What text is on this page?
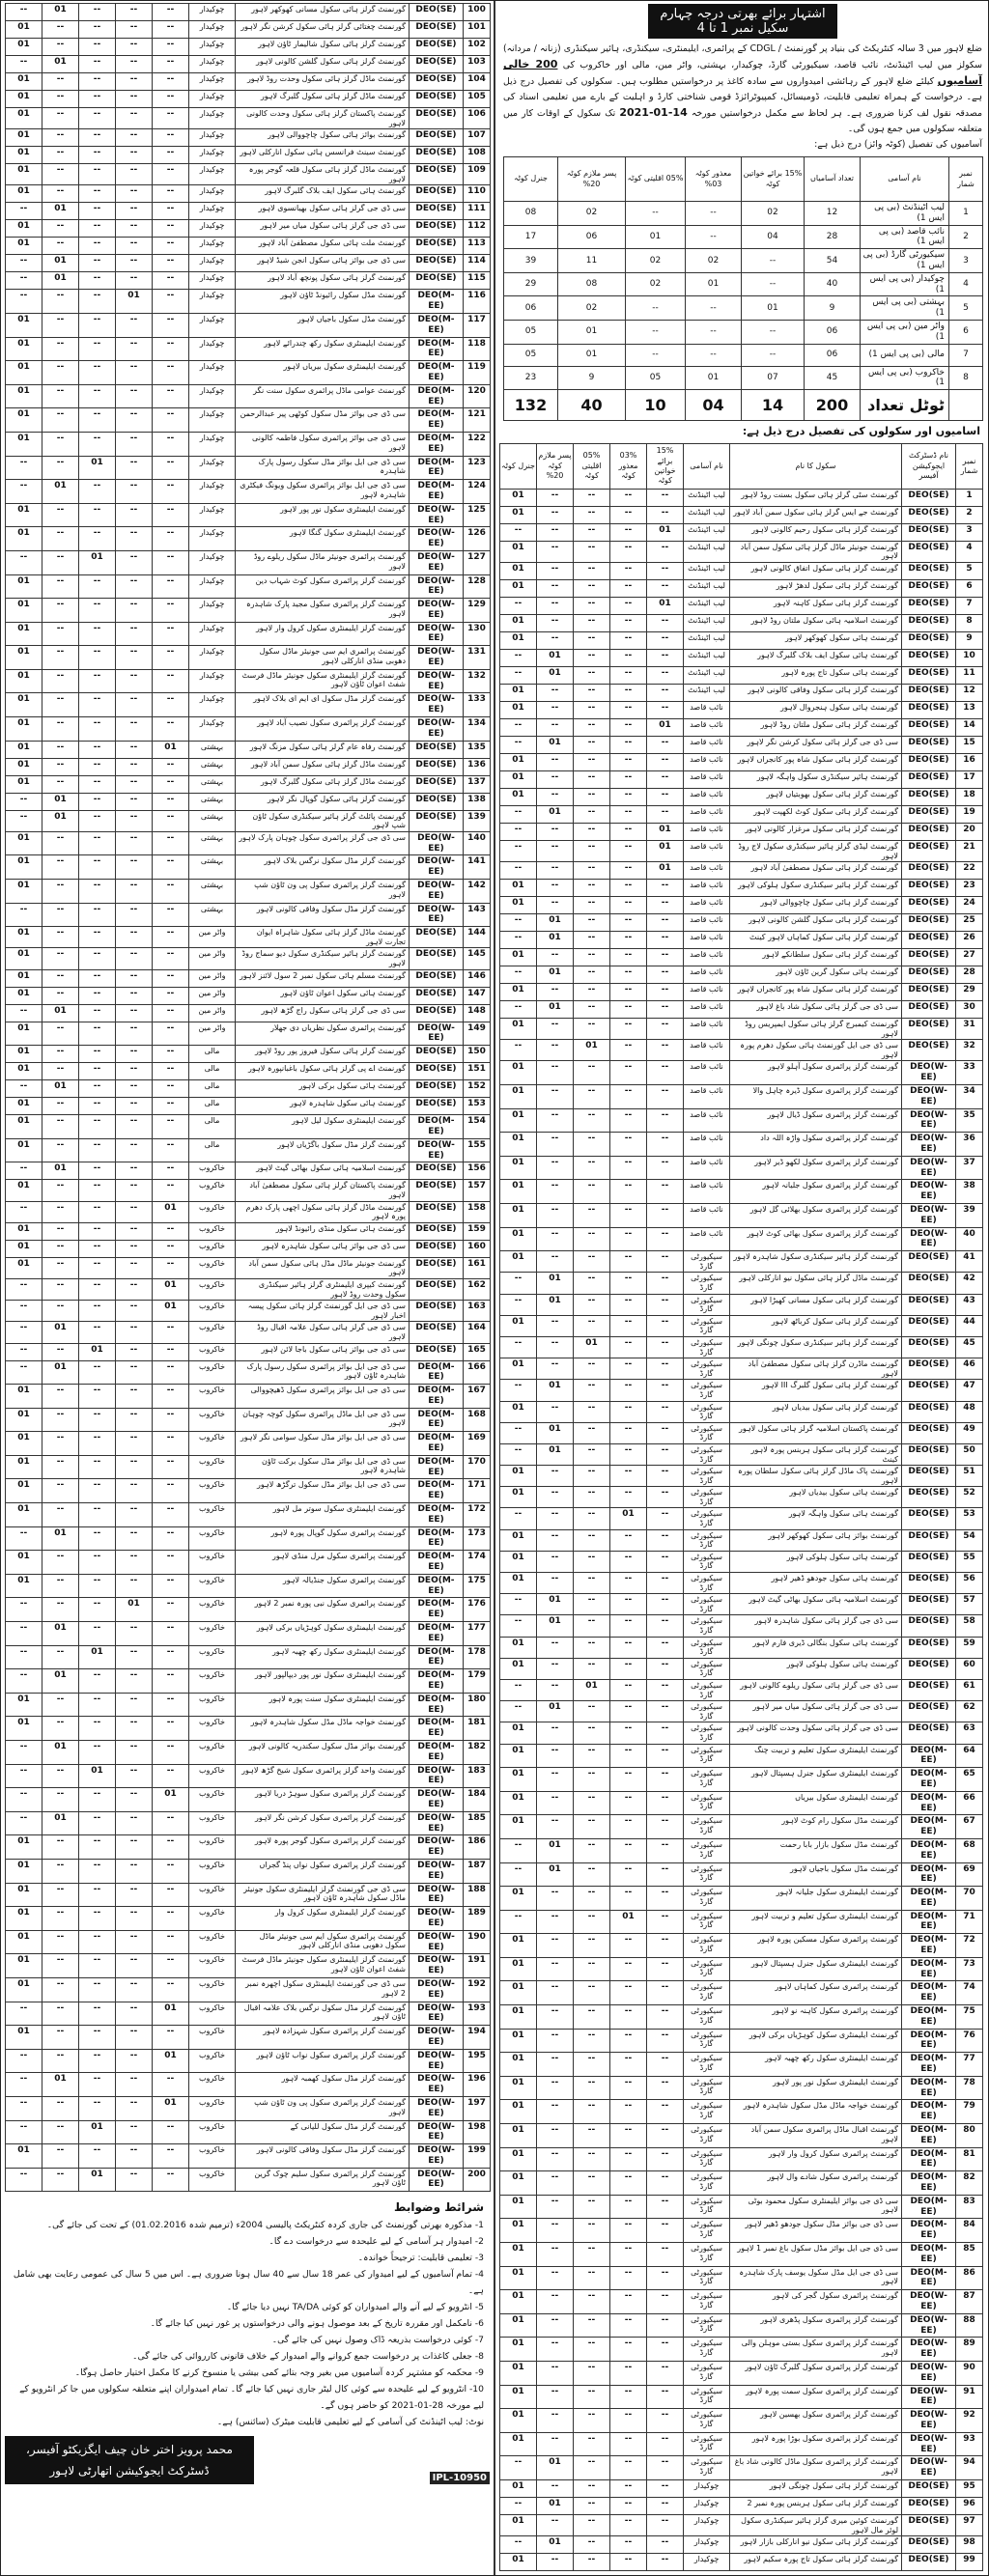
--	01	--	--	--	چوکیدار	گورنمنٹ گرلز ہائی سکول مسانی کھوکھر لاہور	DEO(SE)	100
01	--	--	--	--	چوکیدار	گورنمنٹ چغتائی گرلز ہائی سکول کرشن نگر لاہور	DEO(SE)	101
01	--	--	--	--	چوکیدار	گورنمنٹ گرلز ہائی سکول شالیمار ٹاؤن لاہور	DEO(SE)	102
--	01	--	--	--	چوکیدار	گورنمنٹ گرلز ہائی سکول گلشن کالونی لاہور	DEO(SE)	103
01	--	--	--	--	چوکیدار	گورنمنٹ ماڈل گرلز ہائی سکول وحدت روڈ لاہور	DEO(SE)	104
01	--	--	--	--	چوکیدار	گورنمنٹ ماڈل گرلز ہائی سکول گلبرگ لاہور	DEO(SE)	105
01	--	--	--	--	چوکیدار	گورنمنٹ پاکستان گرلز ہائی سکول وحدت کالونی لاہور	DEO(SE)	106
01	--	--	--	--	چوکیدار	گورنمنٹ بوائز ہائی سکول چاچووالی لاہور	DEO(SE)	107
01	--	--	--	--	چوکیدار	گورنمنٹ سینٹ فرانسس ہائی سکول انارکلی لاہور	DEO(SE)	108
01	--	--	--	--	چوکیدار	گورنمنٹ ماڈل گرلز ہائی سکول قلعہ گوجر پورہ لاہور	DEO(SE)	109
01	--	--	--	--	چوکیدار	گورنمنٹ ہائی سکول ایف بلاک گلبرگ لاہور	DEO(SE)	110
--	01	--	--	--	چوکیدار	سی ڈی جی گرلز ہائی سکول بھیانسوی لاہور	DEO(SE)	111
01	--	--	--	--	چوکیدار	سی ڈی جی گرلز ہائی سکول میاں میر لاہور	DEO(SE)	112
01	--	--	--	--	چوکیدار	گورنمنٹ ملت ہائی سکول مصطفیٰ آباد لاہور	DEO(SE)	113
--	01	--	--	--	چوکیدار	سی ڈی جی بوائز ہائی سکول انجن شیڈ لاہور	DEO(SE)	114
--	01	--	--	--	چوکیدار	گورنمنٹ گرلز ہائی سکول پونچھ آباد لاہور	DEO(SE)	115
--	--	--	01	--	چوکیدار	گورنمنٹ مڈل سکول رائیونڈ ٹاؤن لاہور	DEO(M-EE)	116
01	--	--	--	--	چوکیدار	گورنمنٹ مڈل سکول باجیاں لاہور	DEO(M-EE)	117
01	--	--	--	--	چوکیدار	گورنمنٹ ایلیمنٹری سکول رکھ چندرائے لاہور	DEO(M-EE)	118
01	--	--	--	--	چوکیدار	گورنمنٹ ایلیمنٹری سکول بیریاں لاہور	DEO(M-EE)	119
01	--	--	--	--	چوکیدار	گورنمنٹ عوامی ماڈل پرائمری سکول سنت نگر	DEO(M-EE)	120
01	--	--	--	--	چوکیدار	سی ڈی جی بوائز مڈل سکول کوٹھی پیر عبدالرحمن	DEO(M-EE)	121
01	--	--	--	--	چوکیدار	سی ڈی جی بوائز پرائمری سکول فاطمہ کالونی لاہور	DEO(M-EE)	122
--	--	01	--	--	چوکیدار	سی ڈی جی ایل بوائز مڈل سکول رسول پارک شاہدرہ	DEO(M-EE)	123
--	01	--	--	--	چوکیدار	سی ڈی جی ایل بوائز پرائمری سکول ویونگ فیکٹری شاہدرہ لاہور	DEO(M-EE)	124
01	--	--	--	--	چوکیدار	گورنمنٹ ایلیمنٹری سکول نور پور لاہور	DEO(W-EE)	125
01	--	--	--	--	چوکیدار	گورنمنٹ ایلیمنٹری سکول گنگا لاہور	DEO(W-EE)	126
--	--	01	--	--	چوکیدار	گورنمنٹ پرائمری جونیئر ماڈل سکول ریلوے روڈ لاہور	DEO(W-EE)	127
01	--	--	--	--	چوکیدار	گورنمنٹ گرلز پرائمری سکول کوٹ شہاب دین	DEO(W-EE)	128
01	--	--	--	--	چوکیدار	گورنمنٹ گرلز پرائمری سکول مجید پارک شاہدرہ لاہور	DEO(W-EE)	129
01	--	--	--	--	چوکیدار	گورنمنٹ گرلز ایلیمنٹری سکول کرول وار لاہور	DEO(W-EE)	130
01	--	--	--	--	چوکیدار	گورنمنٹ پرائمری ایم سی جونیئر ماڈل سکول دھوبی منڈی انارکلی لاہور	DEO(W-EE)	131
01	--	--	--	--	چوکیدار	گورنمنٹ گرلز ایلیمنٹری سکول جونیئر ماڈل فرسٹ شفٹ اعوان ٹاؤن لاہور	DEO(W-EE)	132
01	--	--	--	--	چوکیدار	گورنمنٹ گرلز مڈل سکول ای ایم ای بلاک لاہور	DEO(W-EE)	133
01	--	--	--	--	چوکیدار	گورنمنٹ گرلز پرائمری سکول نصیب آباد لاہور	DEO(W-EE)	134
01	--	--	--	01	بہشتی	گورنمنٹ رفاہ عام گرلز ہائی سکول مزنگ لاہور	DEO(SE)	135
01	--	--	--	--	بہشتی	گورنمنٹ ماڈل گرلز ہائی سکول سمن آباد لاہور	DEO(SE)	136
01	--	--	--	--	بہشتی	گورنمنٹ ماڈل گرلز ہائی سکول گلبرگ لاہور	DEO(SE)	137
--	01	--	--	--	بہشتی	گورنمنٹ گرلز ہائی سکول گوپال نگر لاہور	DEO(SE)	138
--	01	--	--	--	بہشتی	گورنمنٹ پائلٹ گرلز ہائیر سیکنڈری سکول ٹاؤن شپ لاہور	DEO(SE)	139
01	--	--	--	--	بہشتی	سی ڈی جی گرلز پرائمری سکول چوہان پارک لاہور	DEO(W-EE)	140
01	--	--	--	--	بہشتی	گورنمنٹ گرلز مڈل سکول نرگس بلاک لاہور	DEO(W-EE)	141
01	--	--	--	--	بہشتی	گورنمنٹ گرلز پرائمری سکول پی ون ٹاؤن شپ لاہور	DEO(W-EE)	142
--	--	--	--	--	بہشتی	گورنمنٹ گرلز مڈل سکول وفاقی کالونی لاہور	DEO(W-EE)	143
01	--	--	--	--	واٹر مین	گورنمنٹ ماڈل گرلز ہائی سکول شاہراہ ایوان تجارت لاہور	DEO(SE)	144
01	--	--	--	--	واٹر مین	گورنمنٹ گرلز ہائیر سیکنڈری سکول دیو سماج روڈ لاہور	DEO(SE)	145
01	--	--	--	--	واٹر مین	گورنمنٹ مسلم ہائی سکول نمبر 2 سول لائنز لاہور	DEO(SE)	146
01	--	--	--	--	واٹر مین	گورنمنٹ ہائی سکول اعوان ٹاؤن لاہور	DEO(SE)	147
--	01	--	--	--	واٹر مین	سی ڈی جی گرلز ہائی سکول راج گڑھ لاہور	DEO(SE)	148
01	--	--	--	--	واٹر مین	گورنمنٹ پرائمری سکول نظریاں دی جھلار	DEO(W-EE)	149
01	--	--	--	--	مالی	گورنمنٹ گرلز ہائی سکول فیروز پور روڈ لاہور	DEO(SE)	150
01	--	--	--	--	مالی	گورنمنٹ اے پی گرلز ہائی سکول باغبانپورہ لاہور	DEO(SE)	151
--	01	--	--	--	مالی	گورنمنٹ ہائی سکول برکی لاہور	DEO(SE)	152
01	--	--	--	--	مالی	گورنمنٹ ہائی سکول شاہدرہ لاہور	DEO(SE)	153
01	--	--	--	--	مالی	گورنمنٹ ایلیمنٹری سکول لیل لاہور	DEO(M-EE)	154
01	--	--	--	--	مالی	گورنمنٹ گرلز مڈل سکول باگڑیاں لاہور	DEO(W-EE)	155
--	01	--	--	--	خاکروب	گورنمنٹ اسلامیہ ہائی سکول بھاٹی گیٹ لاہور	DEO(SE)	156
01	--	--	--	--	خاکروب	گورنمنٹ پاکستان گرلز ہائی سکول مصطفیٰ آباد لاہور	DEO(SE)	157
--	--	--	--	01	خاکروب	گورنمنٹ ماڈل گرلز ہائی سکول اچھی پارک دھرم پورہ لاہور	DEO(SE)	158
01	--	--	--	--	خاکروب	گورنمنٹ ہائی سکول منڈی رائیونڈ لاہور	DEO(SE)	159
01	--	--	--	--	خاکروب	سی ڈی جی بوائز ہائی سکول شاہدرہ لاہور	DEO(SE)	160
01	--	--	--	--	خاکروب	گورنمنٹ جونیئر ماڈل مڈل ہائی سکول سمن آباد لاہور	DEO(SE)	161
--	--	--	--	01	خاکروب	گورنمنٹ کیپری ایلیمنٹری گرلز ہائیر سیکنڈری سکول وحدت روڈ لاہور	DEO(SE)	162
--	--	--	--	01	خاکروب	سی ڈی جی ایل گورنمنٹ گرلز ہائی سکول پیسہ اخبار لاہور	DEO(SE)	163
--	01	--	--	--	خاکروب	سی ڈی جی گرلز ہائی سکول علامہ اقبال روڈ لاہور	DEO(SE)	164
--	--	01	--	--	خاکروب	سی ڈی جی بوائز ہائی سکول باجا لائن لاہور	DEO(SE)	165
--	01	--	--	--	خاکروب	سی ڈی جی ایل بوائز پرائمری سکول رسول پارک شاہدرہ ٹاؤن لاہور	DEO(M-EE)	166
01	--	--	--	--	خاکروب	سی ڈی جی ایل بوائز پرائمری سکول ڈھیچووالی	DEO(M-EE)	167
01	--	--	--	--	خاکروب	سی ڈی جی ایل ماڈل پرائمری سکول کوچہ چوہان لاہور	DEO(M-EE)	168
01	--	--	--	--	خاکروب	سی ڈی جی ایل بوائز مڈل سکول سوامی نگر لاہور	DEO(M-EE)	169
01	--	--	--	--	خاکروب	سی ڈی جی ایل بوائز مڈل سکول برکت ٹاؤن شاہدرہ لاہور	DEO(M-EE)	170
01	--	--	--	--	خاکروب	سی ڈی جی ایل بوائز مڈل سکول ترگڑھ لاہور	DEO(M-EE)	171
01	--	--	--	--	خاکروب	گورنمنٹ ایلیمنٹری سکول سوتر مل لاہور	DEO(M-EE)	172
--	01	--	--	--	خاکروب	گورنمنٹ پرائمری سکول گوپال پورہ لاہور	DEO(M-EE)	173
01	--	--	--	--	خاکروب	گورنمنٹ پرائمری سکول مرل منڈی لاہور	DEO(M-EE)	174
01	--	--	--	--	خاکروب	گورنمنٹ پرائمری سکول جنڈیالہ لاہور	DEO(M-EE)	175
--	--	--	01	--	خاکروب	گورنمنٹ پرائمری سکول نبی پورہ نمبر 2 لاہور	DEO(M-EE)	176
--	01	--	--	--	خاکروب	گورنمنٹ ایلیمنٹری سکول کوہڑیاں برکی لاہور	DEO(M-EE)	177
--	--	01	--	--	خاکروب	گورنمنٹ ایلیمنٹری سکول رکھ چھبہ لاہور	DEO(M-EE)	178
--	01	--	--	--	خاکروب	گورنمنٹ ایلیمنٹری سکول نور پور دیپالپور لاہور	DEO(M-EE)	179
01	--	--	--	--	خاکروب	گورنمنٹ ایلیمنٹری سکول سنت پورہ لاہور	DEO(M-EE)	180
01	--	--	--	--	خاکروب	گورنمنٹ خواجہ ماڈل مڈل سکول شاہدرہ لاہور	DEO(M-EE)	181
--	01	--	--	--	خاکروب	گورنمنٹ بوائز مڈل سکول سکندریہ کالونی لاہور	DEO(M-EE)	182
--	--	01	--	--	خاکروب	گورنمنٹ واحد گرلز پرائمری سکول شیخ گڑھ لاہور	DEO(W-EE)	183
--	--	--	--	01	خاکروب	گورنمنٹ گرلز پرائمری سکول سوہڑ دریا لاہور	DEO(W-EE)	184
--	01	--	--	--	خاکروب	گورنمنٹ گرلز پرائمری سکول کرشن نگر لاہور	DEO(W-EE)	185
01	--	--	--	--	خاکروب	گورنمنٹ گرلز پرائمری سکول گوجر پورہ لاہور	DEO(W-EE)	186
01	--	--	--	--	خاکروب	گورنمنٹ گرلز پرائمری سکول نواں پنڈ گجراں	DEO(W-EE)	187
01	--	--	--	--	خاکروب	سی ڈی جی گورنمنٹ گرلز ایلیمنٹری سکول جونیئر ماڈل سکول شاہدرہ ٹاؤن لاہور	DEO(W-EE)	188
01	--	--	--	--	خاکروب	گورنمنٹ گرلز ایلیمنٹری سکول کرول وار	DEO(W-EE)	189
01	--	--	--	--	خاکروب	گورنمنٹ پرائمری سکول ایم سی جونیئر ماڈل سکول دھوبی منڈی انارکلی لاہور	DEO(W-EE)	190
01	--	--	--	--	خاکروب	گورنمنٹ گرلز ایلیمنٹری سکول جونیئر ماڈل فرسٹ شفٹ اعوان ٹاؤن لاہور	DEO(W-EE)	191
01	--	--	--	--	خاکروب	سی ڈی جی گورنمنٹ ایلیمنٹری سکول اچھرہ نمبر 2 لاہور	DEO(W-EE)	192
--	--	--	--	01	خاکروب	گورنمنٹ گرلز مڈل سکول نرگس بلاک علامہ اقبال ٹاؤن لاہور	DEO(W-EE)	193
01	--	--	--	--	خاکروب	گورنمنٹ گرلز پرائمری سکول شہزادہ لاہور	DEO(W-EE)	194
--	--	--	--	01	خاکروب	گورنمنٹ گرلز پرائمری سکول نواب ٹاؤن لاہور	DEO(W-EE)	195
--	01	--	--	--	خاکروب	گورنمنٹ گرلز مڈل سکول کھمبہ لاہور	DEO(W-EE)	196
--	--	--	--	01	خاکروب	گورنمنٹ گرلز پرائمری سکول پی ون ٹاؤن شپ لاہور	DEO(W-EE)	197
--	--	01	--	--	خاکروب	گورنمنٹ گرلز مڈل سکول للیانی کے	DEO(W-EE)	198
01	--	--	--	--	خاکروب	گورنمنٹ گرلز مڈل سکول وفاقی کالونی لاہور	DEO(W-EE)	199
--	--	01	--	--	خاکروب	گورنمنٹ گرلز پرائمری سکول سلیم چوک گرین ٹاؤن لاہور	DEO(W-EE)	200
شرائط وضوابط
1- مذکورہ بھرتی گورنمنٹ کی جاری کردہ کنٹریکٹ پالیسی 2004ء (ترمیم شدہ 01.02.2016) کے تحت کی جائے گی۔
2- امیدوار ہر آسامی کے لیے علیحدہ سے درخواست دے گا۔
3- تعلیمی قابلیت: ترجیحاً خواندہ۔
4- تمام آسامیوں کے لیے امیدوار کی عمر 18 سال سے 40 سال ہونا ضروری ہے۔ اس میں 5 سال کی عمومی رعایت بھی شامل ہے۔
5- انٹرویو کے لیے آنے والے امیدواران کو کوئی TA/DA نہیں دیا جائے گا۔
6- نامکمل اور مقررہ تاریخ کے بعد موصول ہونے والی درخواستوں پر غور نہیں کیا جائے گا۔
7- کوئی درخواست بذریعہ ڈاک وصول نہیں کی جائے گی۔
8- جعلی کاغذات پر درخواست جمع کروانے والے امیدوار کے خلاف قانونی کارروائی کی جائے گی۔
9- محکمہ کو مشتہر کردہ آسامیوں میں بغیر وجہ بتائے کمی بیشی یا منسوخ کرنے کا مکمل اختیار حاصل ہوگا۔
10- انٹرویو کے لیے علیحدہ سے کوئی کال لیٹر جاری نہیں کیا جائے گا۔ تمام امیدواران اپنے متعلقہ سکولوں میں جا کر انٹرویو کے لیے مورخہ 28-01-2021 کو حاضر ہوں گے۔
نوٹ: لیب اٹینڈنٹ کی آسامی کے لیے تعلیمی قابلیت میٹرک (سائنس) ہے۔
محمد پرویز اختر خان چیف ایگزیکٹو آفیسر،
ڈسٹرکٹ ایجوکیشن اتھارٹی لاہور
IPL-10950
اشتہار برائے بھرتی درجہ چہارم سکیل نمبر 1 تا 4
ضلع لاہور میں 3 سالہ کنٹریکٹ کی بنیاد پر گورنمنٹ / CDGL کے پرائمری، ایلیمنٹری، سیکنڈری، ہائیر سیکنڈری (زنانہ / مردانہ) سکولز میں لیب اٹینڈنٹ، نائب قاصد، سیکیورٹی گارڈ، چوکیدار، بہشتی، واٹر مین، مالی اور خاکروب کی 200 خالی آسامیوں کیلئے ضلع لاہور کے رہائشی امیدواروں سے سادہ کاغذ پر درخواستیں مطلوب ہیں۔ سکولوں کی تفصیل درج ذیل ہے۔ درخواست کے ہمراہ تعلیمی قابلیت، ڈومیسائل، کمپیوٹرائزڈ قومی شناختی کارڈ و اہلیت کے بارے میں تعلیمی اسناد کی مصدقہ نقول لف کرنا ضروری ہے۔ ہر لحاظ سے مکمل درخواستیں مورخہ 14-01-2021 تک سکول کے اوقات کار میں متعلقہ سکولوں میں جمع ہوں گی۔
آسامیوں کی تفصیل (کوٹہ وائز) درج ذیل ہے:
جنرل کوٹہ	پسر ملازم کوٹہ 20%	05% اقلیتی کوٹہ	معذور کوٹہ 03%	15% برائے خواتین کوٹہ	تعداد آسامیاں	نام آسامی	نمبر شمار
08	02	--	--	02	12	لیب اٹینڈنٹ (بی پی ایس 1)	1
17	06	01	--	04	28	نائب قاصد (بی پی ایس 1)	2
39	11	02	02	--	54	سیکیورٹی گارڈ (بی پی ایس 1)	3
29	08	02	01	--	40	چوکیدار (بی پی ایس 1)	4
06	02	--	--	01	9	بہشتی (بی پی ایس 1)	5
05	01	--	--	--	06	واٹر مین (بی پی ایس 1)	6
05	01	--	--	--	06	مالی (بی پی ایس 1)	7
23	9	05	01	07	45	خاکروب (بی پی ایس 1)	8
132	40	10	04	14	200	ٹوٹل تعداد	
اسامیوں اور سکولوں کی تفصیل درج ذیل ہے:
جنرل کوٹہ	پسر ملازم کوٹہ 20%	05% اقلیتی کوٹہ	03% معذور کوٹہ	15% برائے خواتین کوٹہ	نام آسامی	سکول کا نام	نام ڈسٹرکٹ ایجوکیشن آفیسر	نمبر شمار
01	--	--	--	--	لیب اٹینڈنٹ	گورنمنٹ سٹی گرلز ہائی سکول بسنت روڈ لاہور	DEO(SE)	1
01	--	--	--	--	لیب اٹینڈنٹ	گورنمنٹ جے ایس گرلز ہائی سکول سمن آباد لاہور	DEO(SE)	2
--	--	--	--	01	لیب اٹینڈنٹ	گورنمنٹ گرلز ہائی سکول رحیم کالونی لاہور	DEO(SE)	3
01	--	--	--	--	لیب اٹینڈنٹ	گورنمنٹ جونیئر ماڈل گرلز ہائی سکول سمن آباد لاہور	DEO(SE)	4
01	--	--	--	--	لیب اٹینڈنٹ	گورنمنٹ گرلز ہائی سکول اتفاق کالونی لاہور	DEO(SE)	5
01	--	--	--	--	لیب اٹینڈنٹ	گورنمنٹ گرلز ہائی سکول لدھڑ لاہور	DEO(SE)	6
--	--	--	--	01	لیب اٹینڈنٹ	گورنمنٹ گرلز ہائی سکول کاہنہ لاہور	DEO(SE)	7
01	--	--	--	--	لیب اٹینڈنٹ	گورنمنٹ اسلامیہ ہائی سکول ملتان روڈ لاہور	DEO(SE)	8
01	--	--	--	--	لیب اٹینڈنٹ	گورنمنٹ ہائی سکول کھوکھر لاہور	DEO(SE)	9
--	01	--	--	--	لیب اٹینڈنٹ	گورنمنٹ ہائی سکول ایف بلاک گلبرگ لاہور	DEO(SE)	10
--	01	--	--	--	لیب اٹینڈنٹ	گورنمنٹ ہائی سکول تاج پورہ لاہور	DEO(SE)	11
01	--	--	--	--	لیب اٹینڈنٹ	گورنمنٹ گرلز ہائی سکول وفاقی کالونی لاہور	DEO(SE)	12
01	--	--	--	--	نائب قاصد	گورنمنٹ ہائی سکول ہنجروال لاہور	DEO(SE)	13
--	--	--	--	01	نائب قاصد	گورنمنٹ گرلز ہائی سکول ملتان روڈ لاہور	DEO(SE)	14
--	01	--	--	--	نائب قاصد	سی ڈی جی گرلز ہائی سکول کرشن نگر لاہور	DEO(SE)	15
01	--	--	--	--	نائب قاصد	گورنمنٹ گرلز ہائی سکول شاہ پور کانجراں لاہور	DEO(SE)	16
01	--	--	--	--	نائب قاصد	گورنمنٹ ہائیر سیکنڈری سکول واہگہ لاہور	DEO(SE)	17
01	--	--	--	--	نائب قاصد	گورنمنٹ گرلز ہائی سکول بھوبتیاں لاہور	DEO(SE)	18
--	01	--	--	--	نائب قاصد	گورنمنٹ گرلز ہائی سکول کوٹ لکھپت لاہور	DEO(SE)	19
--	--	--	--	01	نائب قاصد	گورنمنٹ گرلز ہائی سکول مرغزار کالونی لاہور	DEO(SE)	20
--	--	--	--	01	نائب قاصد	گورنمنٹ لیڈی گرلز ہائیر سیکنڈری سکول لاج روڈ لاہور	DEO(SE)	21
--	--	--	--	01	نائب قاصد	گورنمنٹ گرلز ہائی سکول مصطفیٰ آباد لاہور	DEO(SE)	22
01	--	--	--	--	نائب قاصد	گورنمنٹ گرلز ہائیر سیکنڈری سکول ہلوکی لاہور	DEO(SE)	23
01	--	--	--	--	نائب قاصد	گورنمنٹ گرلز ہائی سکول چاچووالی لاہور	DEO(SE)	24
--	01	--	--	--	نائب قاصد	گورنمنٹ گرلز ہائی سکول گلشن کالونی لاہور	DEO(SE)	25
--	01	--	--	--	نائب قاصد	گورنمنٹ گرلز ہائی سکول کماہاں لاہور کینٹ	DEO(SE)	26
01	--	--	--	--	نائب قاصد	گورنمنٹ گرلز ہائی سکول سلطانکے لاہور	DEO(SE)	27
--	01	--	--	--	نائب قاصد	گورنمنٹ ہائی سکول گرین ٹاؤن لاہور	DEO(SE)	28
01	--	--	--	--	نائب قاصد	گورنمنٹ گرلز ہائی سکول شاہ پور کانجراں لاہور	DEO(SE)	29
--	01	--	--	--	نائب قاصد	سی ڈی جی گرلز ہائی سکول شاد باغ لاہور	DEO(SE)	30
01	--	--	--	--	نائب قاصد	گورنمنٹ کیمبرج گرلز ہائی سکول ایمپریس روڈ لاہور	DEO(SE)	31
--	--	01	--	--	نائب قاصد	سی ڈی جی ایل گورنمنٹ ہائی سکول دھرم پورہ لاہور	DEO(SE)	32
01	--	--	--	--	نائب قاصد	گورنمنٹ گرلز پرائمری سکول آہلو لاہور	DEO(W-EE)	33
01	--	--	--	--	نائب قاصد	گورنمنٹ گرلز پرائمری سکول ڈیرہ چاہل والا	DEO(W-EE)	34
01	--	--	--	--	نائب قاصد	گورنمنٹ گرلز پرائمری سکول ڈیال لاہور	DEO(W-EE)	35
01	--	--	--	--	نائب قاصد	گورنمنٹ گرلز پرائمری سکول واڑہ اللہ داد	DEO(W-EE)	36
01	--	--	--	--	نائب قاصد	گورنمنٹ گرلز پرائمری سکول لکھو ڈیر لاہور	DEO(W-EE)	37
01	--	--	--	--	نائب قاصد	گورنمنٹ گرلز پرائمری سکول جلیانہ لاہور	DEO(W-EE)	38
01	--	--	--	--	نائب قاصد	گورنمنٹ گرلز پرائمری سکول بھلائی گل لاہور	DEO(W-EE)	39
01	--	--	--	--	نائب قاصد	گورنمنٹ گرلز پرائمری سکول بھائی کوٹ لاہور	DEO(W-EE)	40
01	--	--	--	--	سیکیورٹی گارڈ	گورنمنٹ گرلز ہائیر سیکنڈری سکول شاہدرہ لاہور	DEO(SE)	41
--	01	--	--	--	سیکیورٹی گارڈ	گورنمنٹ ماڈل گرلز ہائی سکول نیو انارکلی لاہور	DEO(SE)	42
--	01	--	--	--	سیکیورٹی گارڈ	گورنمنٹ گرلز ہائی سکول مسانی کھیڑا لاہور	DEO(SE)	43
01	--	--	--	--	سیکیورٹی گارڈ	گورنمنٹ گرلز ہائی سکول کرباٹھ لاہور	DEO(SE)	44
--	--	01	--	--	سیکیورٹی گارڈ	گورنمنٹ گرلز ہائیر سیکنڈری سکول چونگی لاہور	DEO(SE)	45
01	--	--	--	--	سیکیورٹی گارڈ	گورنمنٹ ماڈرن گرلز ہائی سکول مصطفیٰ آباد لاہور	DEO(SE)	46
--	01	--	--	--	سیکیورٹی گارڈ	گورنمنٹ گرلز ہائی سکول گلبرگ III لاہور	DEO(SE)	47
01	--	--	--	--	سیکیورٹی گارڈ	گورنمنٹ گرلز ہائی سکول بیدیاں لاہور	DEO(SE)	48
--	01	--	--	--	سیکیورٹی گارڈ	گورنمنٹ پاکستان اسلامیہ گرلز ہائی سکول لاہور	DEO(SE)	49
--	01	--	--	--	سیکیورٹی گارڈ	گورنمنٹ گرلز ہائی سکول ہربنس پورہ لاہور کینٹ	DEO(SE)	50
01	--	--	--	--	سیکیورٹی گارڈ	گورنمنٹ پاک ماڈل گرلز ہائی سکول سلطان پورہ لاہور	DEO(SE)	51
01	--	--	--	--	سیکیورٹی گارڈ	گورنمنٹ ہائی سکول بیدیاں لاہور	DEO(SE)	52
--	--	--	01	--	سیکیورٹی گارڈ	گورنمنٹ ہائی سکول واہگہ لاہور	DEO(SE)	53
01	--	--	--	--	سیکیورٹی گارڈ	گورنمنٹ بوائز ہائی سکول کھوکھر لاہور	DEO(SE)	54
01	--	--	--	--	سیکیورٹی گارڈ	گورنمنٹ ہائی سکول ہلوکی لاہور	DEO(SE)	55
01	--	--	--	--	سیکیورٹی گارڈ	گورنمنٹ ہائی سکول جودھو ڈھیر لاہور	DEO(SE)	56
--	01	--	--	--	سیکیورٹی گارڈ	گورنمنٹ اسلامیہ ہائی سکول بھاٹی گیٹ لاہور	DEO(SE)	57
--	01	--	--	--	سیکیورٹی گارڈ	سی ڈی جی گرلز ہائی سکول شاہدرہ لاہور	DEO(SE)	58
01	--	--	--	--	سیکیورٹی گارڈ	گورنمنٹ ہائی سکول بنگالی ڈیری فارم لاہور	DEO(SE)	59
01	--	--	--	--	سیکیورٹی گارڈ	گورنمنٹ ہائی سکول ہلوکی لاہور	DEO(SE)	60
--	--	01	--	--	سیکیورٹی گارڈ	سی ڈی جی گرلز ہائی سکول ریلوے کالونی لاہور	DEO(SE)	61
--	01	--	--	--	سیکیورٹی گارڈ	سی ڈی جی گرلز ہائی سکول میاں میر لاہور	DEO(SE)	62
01	--	--	--	--	سیکیورٹی گارڈ	سی ڈی جی گرلز ہائی سکول وحدت کالونی لاہور	DEO(SE)	63
01	--	--	--	--	سیکیورٹی گارڈ	گورنمنٹ ایلیمنٹری سکول تعلیم و تربیت چنگ	DEO(M-EE)	64
01	--	--	--	--	سیکیورٹی گارڈ	گورنمنٹ ایلیمنٹری سکول جنرل ہسپتال لاہور	DEO(M-EE)	65
01	--	--	--	--	سیکیورٹی گارڈ	گورنمنٹ ایلیمنٹری سکول بیریاں	DEO(M-EE)	66
01	--	--	--	--	سیکیورٹی گارڈ	گورنمنٹ مڈل سکول رام کوٹ لاہور	DEO(M-EE)	67
--	01	--	--	--	سیکیورٹی گارڈ	گورنمنٹ مڈل سکول بازار بابا رحمت	DEO(M-EE)	68
--	01	--	--	--	سیکیورٹی گارڈ	گورنمنٹ مڈل سکول باجیاں لاہور	DEO(M-EE)	69
01	--	--	--	--	سیکیورٹی گارڈ	گورنمنٹ ایلیمنٹری سکول جلیانہ لاہور	DEO(M-EE)	70
--	--	--	01	--	سیکیورٹی گارڈ	گورنمنٹ ایلیمنٹری سکول تعلیم و تربیت لاہور	DEO(M-EE)	71
01	--	--	--	--	سیکیورٹی گارڈ	گورنمنٹ پرائمری سکول مسکین پورہ لاہور	DEO(M-EE)	72
01	--	--	--	--	سیکیورٹی گارڈ	گورنمنٹ ایلیمنٹری سکول جنرل ہسپتال لاہور	DEO(M-EE)	73
01	--	--	--	--	سیکیورٹی گارڈ	گورنمنٹ پرائمری سکول کماہاں لاہور	DEO(M-EE)	74
01	--	--	--	--	سیکیورٹی گارڈ	گورنمنٹ پرائمری سکول کاہنہ نو لاہور	DEO(M-EE)	75
01	--	--	--	--	سیکیورٹی گارڈ	گورنمنٹ ایلیمنٹری سکول کوہڑیاں برکی لاہور	DEO(M-EE)	76
01	--	--	--	--	سیکیورٹی گارڈ	گورنمنٹ ایلیمنٹری سکول رکھ چھبہ لاہور	DEO(M-EE)	77
01	--	--	--	--	سیکیورٹی گارڈ	گورنمنٹ ایلیمنٹری سکول نور پور لاہور	DEO(M-EE)	78
01	--	--	--	--	سیکیورٹی گارڈ	گورنمنٹ خواجہ ماڈل مڈل سکول شاہدرہ لاہور	DEO(M-EE)	79
01	--	--	--	--	سیکیورٹی گارڈ	گورنمنٹ اقبال ماڈل پرائمری سکول سمن آباد لاہور	DEO(M-EE)	80
01	--	--	--	--	سیکیورٹی گارڈ	گورنمنٹ پرائمری سکول کرول وار لاہور	DEO(M-EE)	81
01	--	--	--	--	سیکیورٹی گارڈ	گورنمنٹ پرائمری سکول شادے وال لاہور	DEO(M-EE)	82
01	--	--	--	--	سیکیورٹی گارڈ	سی ڈی جی بوائز ایلیمنٹری سکول محمود بوٹی لاہور	DEO(M-EE)	83
01	--	--	--	--	سیکیورٹی گارڈ	سی ڈی جی بوائز مڈل سکول جودھو ڈھیر لاہور	DEO(M-EE)	84
01	--	--	--	--	سیکیورٹی گارڈ	سی ڈی جی ایل بوائز مڈل سکول باغ نمبر 1 لاہور	DEO(M-EE)	85
01	--	--	--	--	سیکیورٹی گارڈ	سی ڈی جی ایل مڈل سکول یوسف پارک شاہدرہ لاہور	DEO(M-EE)	86
01	--	--	--	--	سیکیورٹی گارڈ	گورنمنٹ پرائمری سکول گجر کی لاہور	DEO(W-EE)	87
01	--	--	--	--	سیکیورٹی گارڈ	گورنمنٹ گرلز پرائمری سکول پڈھری لاہور	DEO(W-EE)	88
01	--	--	--	--	سیکیورٹی گارڈ	گورنمنٹ گرلز پرائمری سکول بستی موہلن والی لاہور	DEO(W-EE)	89
01	--	--	--	--	سیکیورٹی گارڈ	گورنمنٹ گرلز پرائمری سکول گلبرگ ٹاؤن لاہور	DEO(W-EE)	90
01	--	--	--	--	سیکیورٹی گارڈ	گورنمنٹ گرلز پرائمری سکول سمت پورہ لاہور	DEO(W-EE)	91
01	--	--	--	--	سیکیورٹی گارڈ	گورنمنٹ گرلز پرائمری سکول بھسین لاہور	DEO(W-EE)	92
01	--	--	--	--	سیکیورٹی گارڈ	گورنمنٹ گرلز پرائمری سکول بوڑا پورہ لاہور	DEO(W-EE)	93
--	01	--	--	--	سیکیورٹی گارڈ	گورنمنٹ گرلز پرائمری سکول ماڈل کالونی شاد باغ لاہور	DEO(W-EE)	94
01	--	--	--	--	چوکیدار	گورنمنٹ گرلز ہائی سکول چونگی لاہور	DEO(SE)	95
--	01	--	--	--	چوکیدار	گورنمنٹ گرلز ہائی سکول ہربنس پورہ نمبر 2	DEO(SE)	96
01	--	--	--	--	چوکیدار	گورنمنٹ کوئین میری گرلز ہائیر سیکنڈری سکول لوئر مال لاہور	DEO(SE)	97
--	01	--	--	--	چوکیدار	گورنمنٹ گرلز ہائی سکول نیو انارکلی بازار لاہور	DEO(SE)	98
01	--	--	--	--	چوکیدار	گورنمنٹ گرلز ہائی سکول تاج پورہ سکیم لاہور	DEO(SE)	99
